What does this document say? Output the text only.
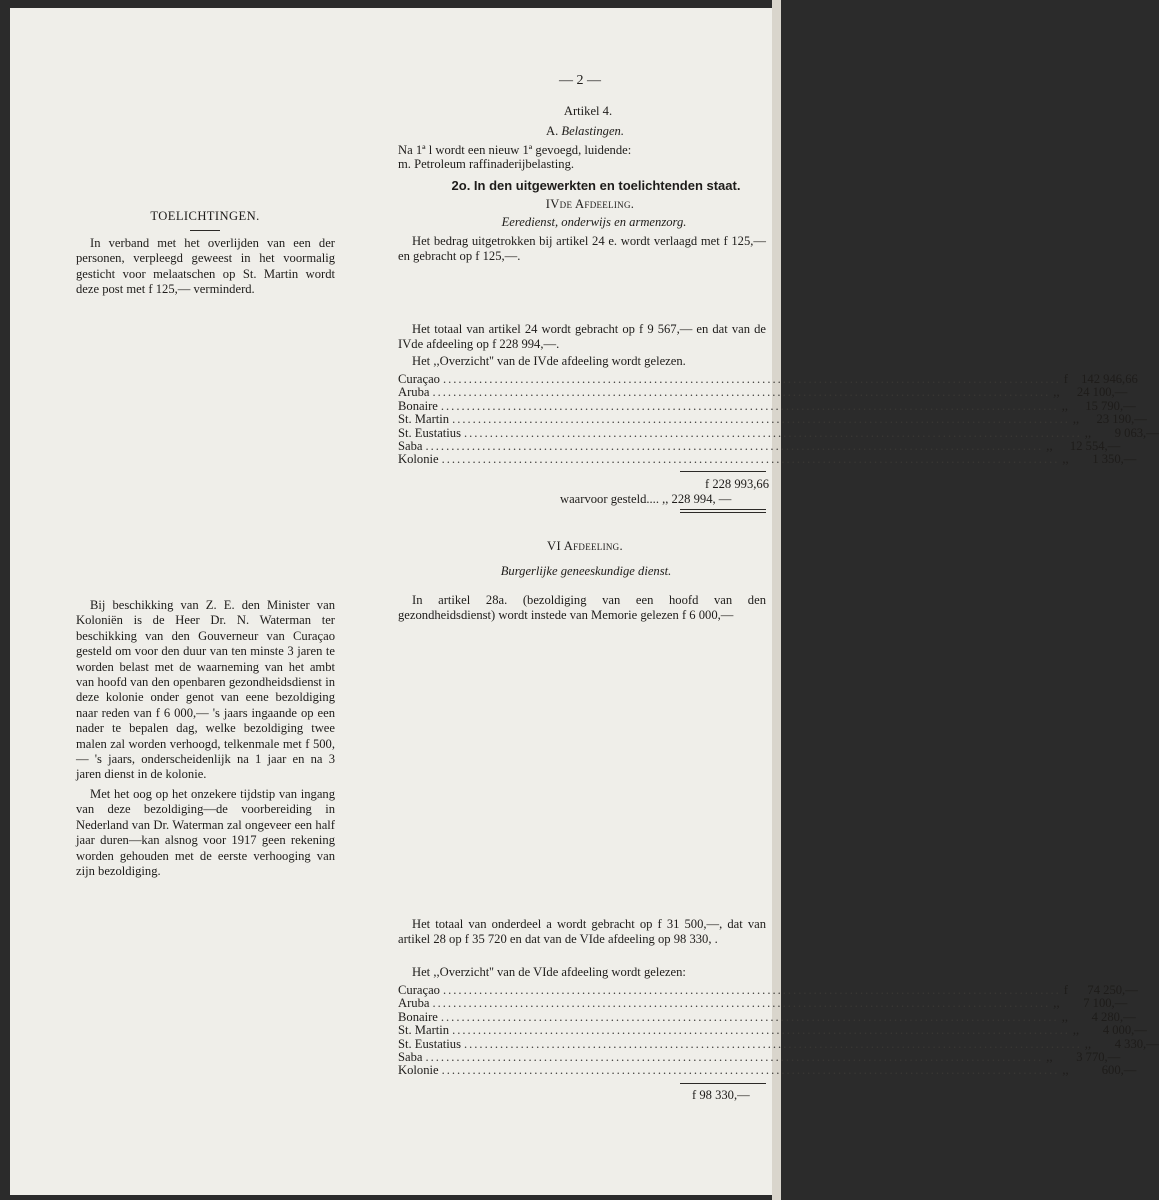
— 2 —
Artikel 4.
A. Belastingen.
Na 1ª l wordt een nieuw 1ª gevoegd, luidende:
m. Petroleum raffinaderijbelasting.
2o. In den uitgewerkten en toelichtenden staat.
IVde Afdeeling.
Eeredienst, onderwijs en armenzorg.
Het bedrag uitgetrokken bij artikel 24 e. wordt verlaagd met f 125,— en gebracht op f 125,—.
Het totaal van artikel 24 wordt gebracht op f 9 567,— en dat van de IVde afdeeling op f 228 994,—.
Het ,,Overzicht'' van de IVde afdeeling wordt gelezen.
Curaçao ........................................................................................................................ f	142 946,66
Aruba ........................................................................................................................ ,,	24 100,—
Bonaire ........................................................................................................................ ,,	15 790,—
St. Martin ........................................................................................................................ ,,	23 190,—
St. Eustatius ........................................................................................................................ ,,	9 063,—
Saba ........................................................................................................................ ,,	12 554,—
Kolonie ........................................................................................................................ ,,	1 350,—
f 228 993,66
waarvoor gesteld.... ,, 228 994, —
VI Afdeeling.
Burgerlijke geneeskundige dienst.
In artikel 28a. (bezoldiging van een hoofd van den gezondheidsdienst) wordt instede van Memorie gelezen f 6 000,—
Het totaal van onderdeel a wordt gebracht op f 31 500,—, dat van artikel 28 op f 35 720 en dat van de VIde afdeeling op 98 330, .
Het ,,Overzicht'' van de VIde afdeeling wordt gelezen:
Curaçao ........................................................................................................................ f	74 250,—
Aruba ........................................................................................................................ ,,	7 100,—
Bonaire ........................................................................................................................ ,,	4 280,—
St. Martin ........................................................................................................................ ,,	4 000,—
St. Eustatius ........................................................................................................................ ,,	4 330,—
Saba ........................................................................................................................ ,,	3 770,—
Kolonie ........................................................................................................................ ,,	600,—
f 98 330,—
TOELICHTINGEN.
In verband met het overlijden van een der personen, verpleegd geweest in het voormalig gesticht voor melaatschen op St. Martin wordt deze post met f 125,— verminderd.
Bij beschikking van Z. E. den Minister van Koloniën is de Heer Dr. N. Waterman ter beschikking van den Gouverneur van Curaçao gesteld om voor den duur van ten minste 3 jaren te worden belast met de waarneming van het ambt van hoofd van den openbaren gezondheidsdienst in deze kolonie onder genot van eene bezoldiging naar reden van f 6 000,— 's jaars ingaande op een nader te bepalen dag, welke bezoldiging twee malen zal worden verhoogd, telkenmale met f 500,— 's jaars, onderscheidenlijk na 1 jaar en na 3 jaren dienst in de kolonie.
Met het oog op het onzekere tijdstip van ingang van deze bezoldiging—de voorbereiding in Nederland van Dr. Waterman zal ongeveer een half jaar duren—kan alsnog voor 1917 geen rekening worden gehouden met de eerste verhooging van zijn bezoldiging.
